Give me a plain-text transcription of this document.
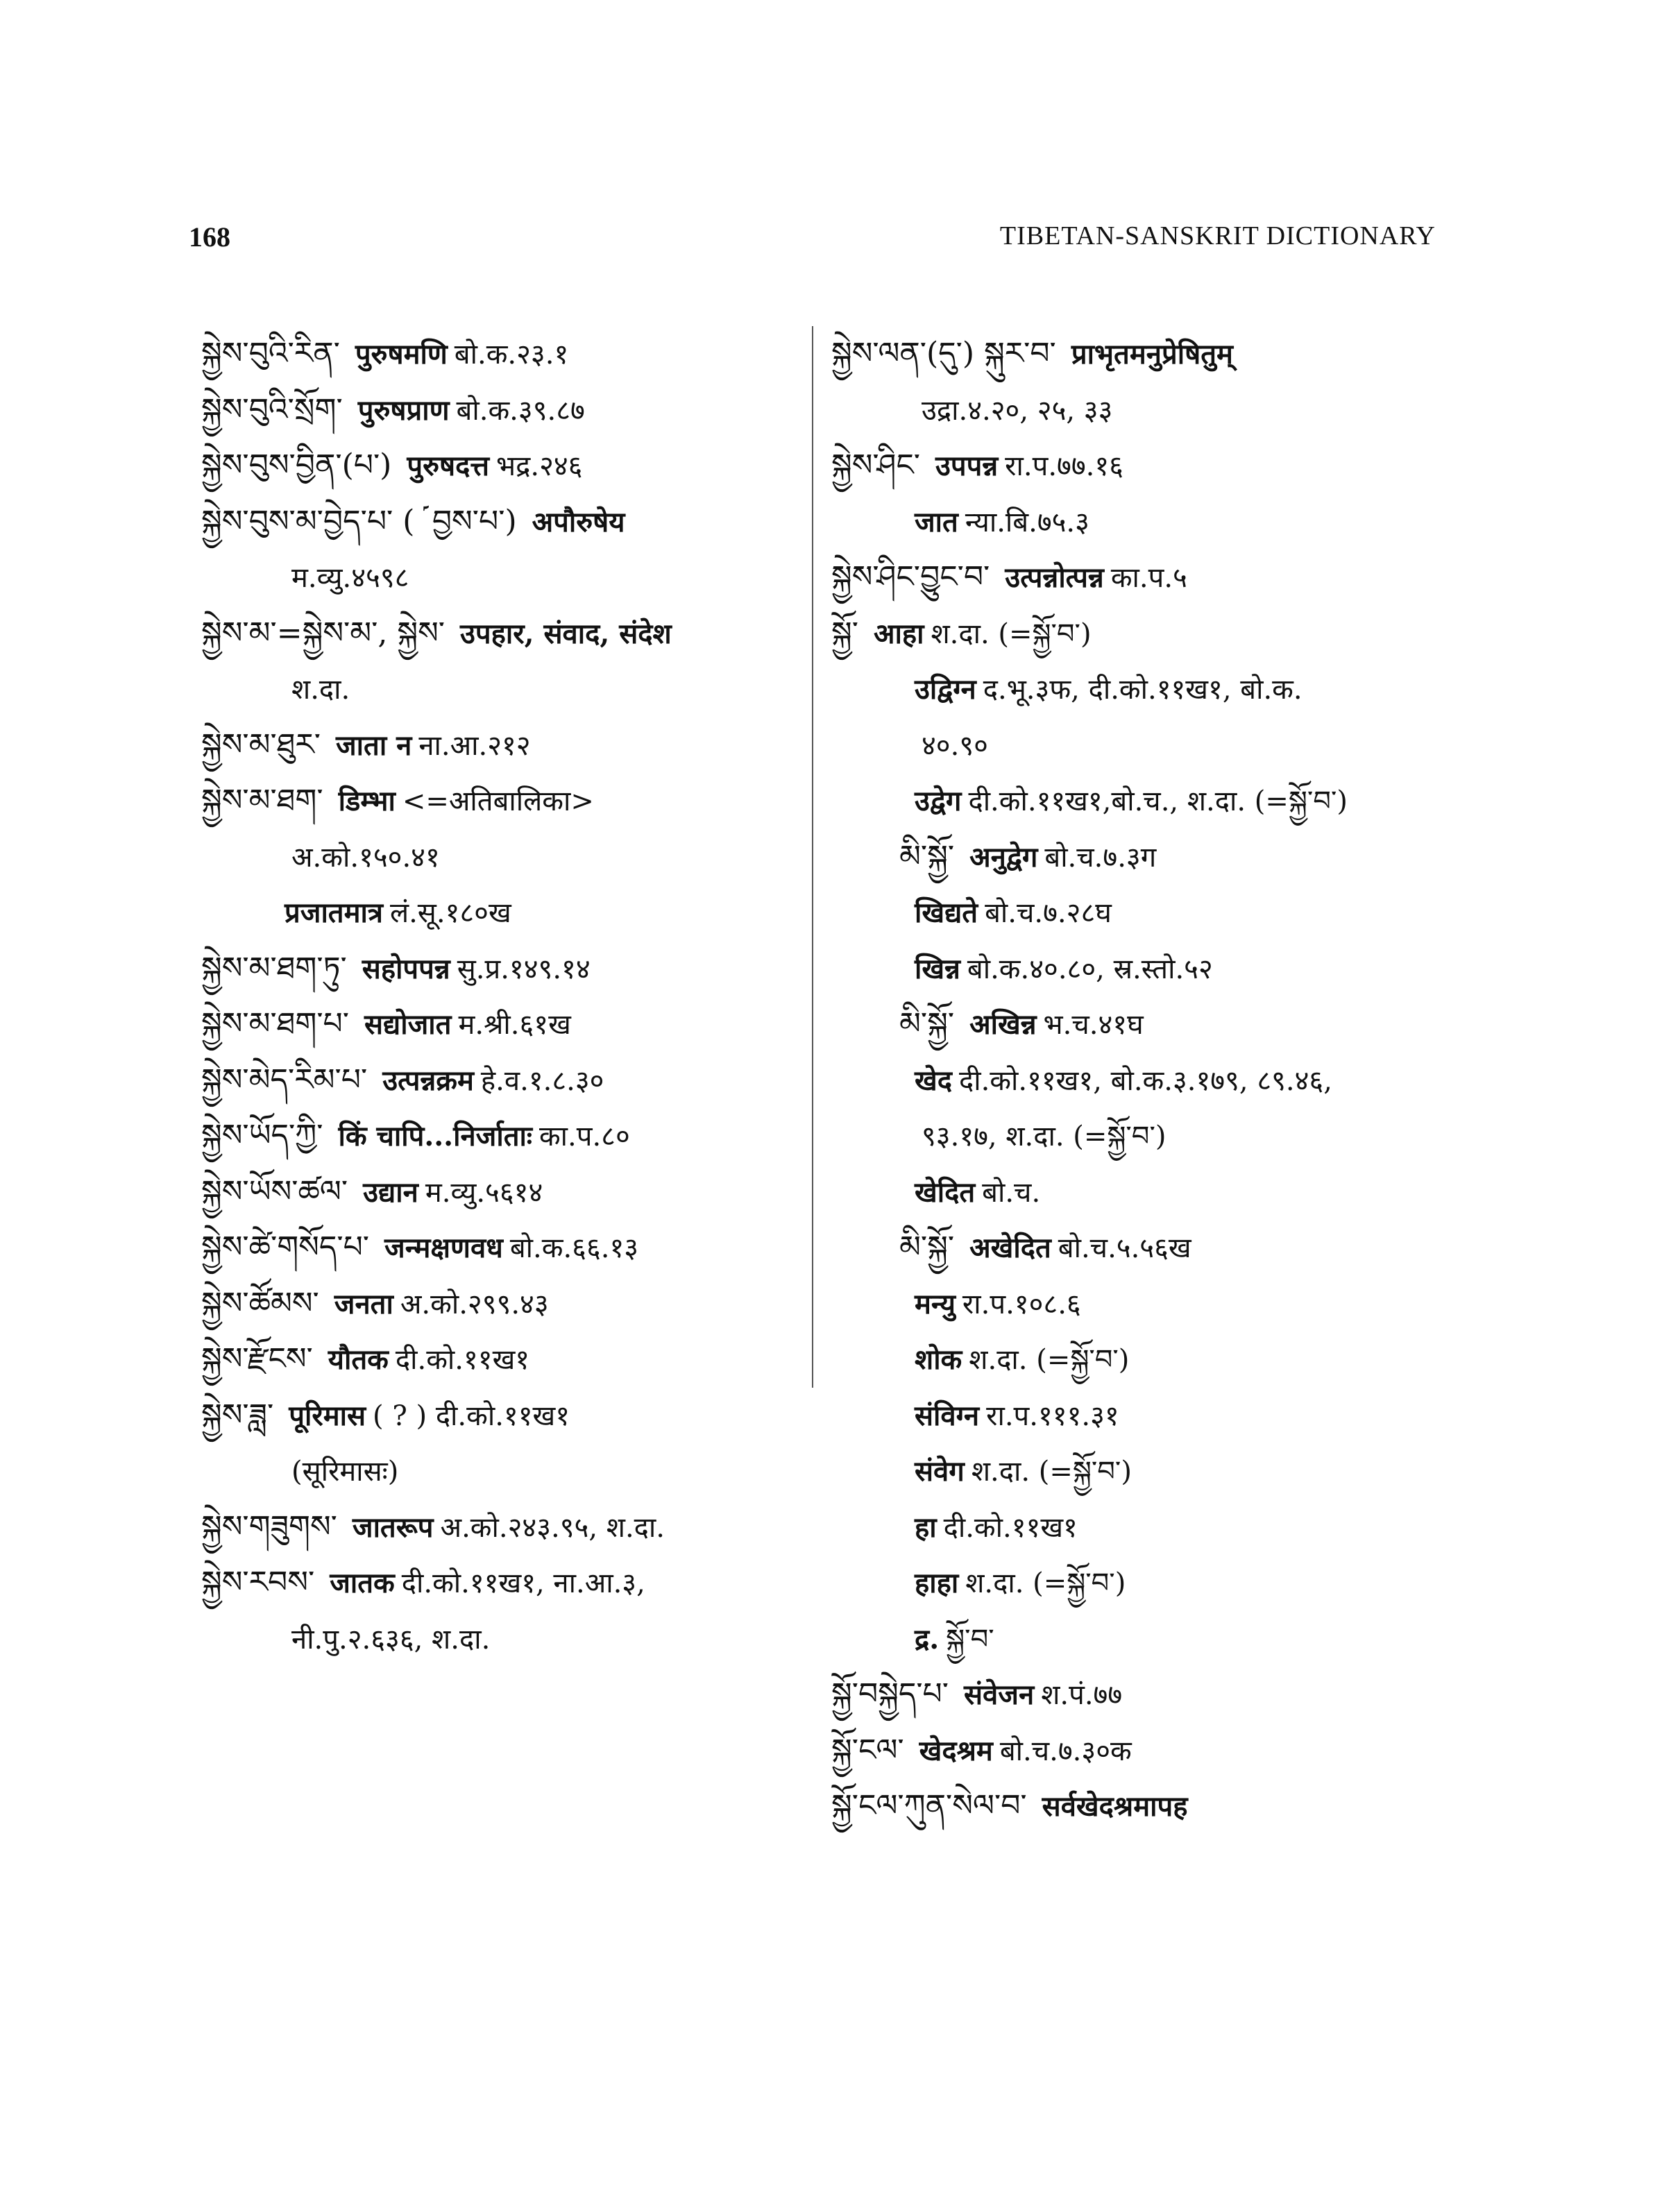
168	TIBETAN-SANSKRIT DICTIONARY
སྐྱེས་བུའི་རིན་ पुरुषमणि बो.क.२३.१
སྐྱེས་བུའི་སྲོག་ पुरुषप्राण बो.क.३९.८७
སྐྱེས་བུས་བྱིན་(པ་) पुरुषदत्त भद्र.२४६
སྐྱེས་བུས་མ་བྱེད་པ་ ( ༹ བྱས་པ་) अपौरुषेय
म.व्यु.४५९८
སྐྱེས་མ་=སྐྱེས་མ་, སྐྱེས་ उपहार, संवाद, संदेश
श.दा.
སྐྱེས་མ་ཐུར་ जाता न ना.आ.२१२
སྐྱེས་མ་ཐག་ डिम्भा <=अतिबालिका>
अ.को.१५०.४१
प्रजातमात्र लं.सू.१८०ख
སྐྱེས་མ་ཐག་ཏུ་ सहोपपन्न सु.प्र.१४९.१४
སྐྱེས་མ་ཐག་པ་ सद्योजात म.श्री.६१ख
སྐྱེས་མེད་རིམ་པ་ उत्पन्नक्रम हे.व.१.८.३०
སྐྱེས་ཡོད་ཀྱི་ किं चापि...निर्जाताः का.प.८०
སྐྱེས་ཡོས་ཚལ་ उद्यान म.व्यु.५६१४
སྐྱེས་ཚེ་གསོད་པ་ जन्मक्षणवध बो.क.६६.१३
སྐྱེས་ཚོམས་ जनता अ.को.२९९.४३
སྐྱེས་རྫོངས་ यौतक दी.को.११ख१
སྐྱེས་ཟླ་ पूरिमास ( ? ) दी.को.११ख१
(सूरिमासः)
སྐྱེས་གཟུགས་ जातरूप अ.को.२४३.९५, श.दा.
སྐྱེས་རབས་ जातक दी.को.११ख१, ना.आ.३,
नी.पु.२.६३६, श.दा.
སྐྱེས་ལན་(དུ་) སྐུར་བ་ प्राभृतमनुप्रेषितुम्
उद्रा.४.२०, २५, ३३
སྐྱེས་ཤིང་ उपपन्न रा.प.७७.१६
जात न्या.बि.७५.३
སྐྱེས་ཤིང་བྱུང་བ་ उत्पन्नोत्पन्न का.प.५
སྐྱོ་ आहा श.दा. (=སྐྱོ་བ་)
उद्विग्न द.भू.३फ, दी.को.११ख१, बो.क.
४०.९०
उद्वेग दी.को.११ख१,बो.च., श.दा. (=སྐྱོ་བ་)
མི་སྐྱོ་ अनुद्वेग बो.च.७.३ग
खिद्यते बो.च.७.२८घ
खिन्न बो.क.४०.८०, स्र.स्तो.५२
མི་སྐྱོ་ अखिन्न भ.च.४१घ
खेद दी.को.११ख१, बो.क.३.१७९, ८९.४६,
९३.१७, श.दा. (=སྐྱོ་བ་)
खेदित बो.च.
མི་སྐྱོ་ अखेदित बो.च.५.५६ख
मन्यु रा.प.१०८.६
शोक श.दा. (=སྐྱོ་བ་)
संविग्न रा.प.१११.३१
संवेग श.दा. (=སྐྱོ་བ་)
हा दी.को.११ख१
हाहा श.दा. (=སྐྱོ་བ་)
द्र. སྐྱོ་བ་
སྐྱོ་བསྐྱེད་པ་ संवेजन श.पं.७७
སྐྱོ་ངལ་ खेदश्रम बो.च.७.३०क
སྐྱོ་ངལ་ཀུན་སེལ་བ་ सर्वखेदश्रमापह
